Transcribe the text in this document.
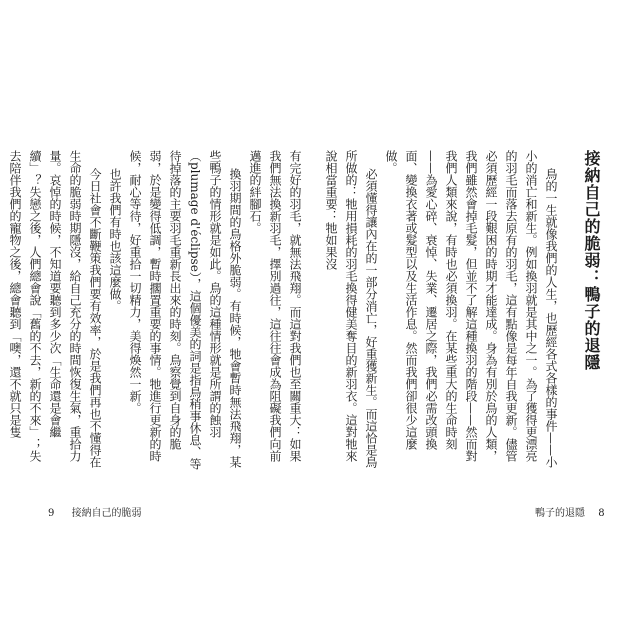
接納自己的脆弱：鴨子的退隱

鳥的一生就像我們的人生，也歷經各式各樣的事件——小小的消亡和新生。例如換羽就是其中之一。為了獲得更漂亮的羽毛而落去原有的羽毛，這有點像是每年自我更新。儘管必須歷經一段艱困的時期才能達成。身為有別於鳥的人類，我們雖然會掉毛髮，但並不了解這種換羽的階段——然而對我們人類來說，有時也必須換羽。在某些重大的生命時刻——為愛心碎、衰悼、失業、遷居之際，我們必需改頭換面、變換衣著或髮型以及生活作息。然而我們卻很少這麼做。

必須懂得讓內在的一部分消亡，好重獲新生。而這恰是鳥所做的：牠用損耗的羽毛換得健美奪目的新羽衣。這對牠來說相當重要：牠如果沒

有完好的羽毛，就無法飛翔。而這對我們也至關重大：如果我們無法換新羽毛，擇別過往，這往往會成為阻礙我們向前邁進的絆腳石。

換羽期間的鳥格外脆弱。有時候，牠會暫時無法飛翔，某些鴨子的情形就是如此。鳥的這種情形就是所謂的蝕羽（plumage d'éclipse），這個優美的詞是指鳥稍事休息、等待掉落的主要羽毛重新長出來的時刻。鳥察覺到自身的脆弱，於是變得低調，暫時擱置重要的事情。牠進行更新的時候，耐心等待，好重拾一切精力，美得煥然一新。

也許我們有時也該這麼做。

今日社會不斷鞭策我們要有效率，於是我們再也不懂得在生命的脆弱時期隱沒，給自己充分的時間恢復生氣，重拾力量。哀悼的時候，不知道要聽到多少次「生命還是會繼續」？失戀之後，人們總會說「舊的不去，新的不來」；失去陪伴我們的寵物之後，總會聽到「噢，還不就只是隻

9 接納自己的脆弱	鴨子的退隱 8
